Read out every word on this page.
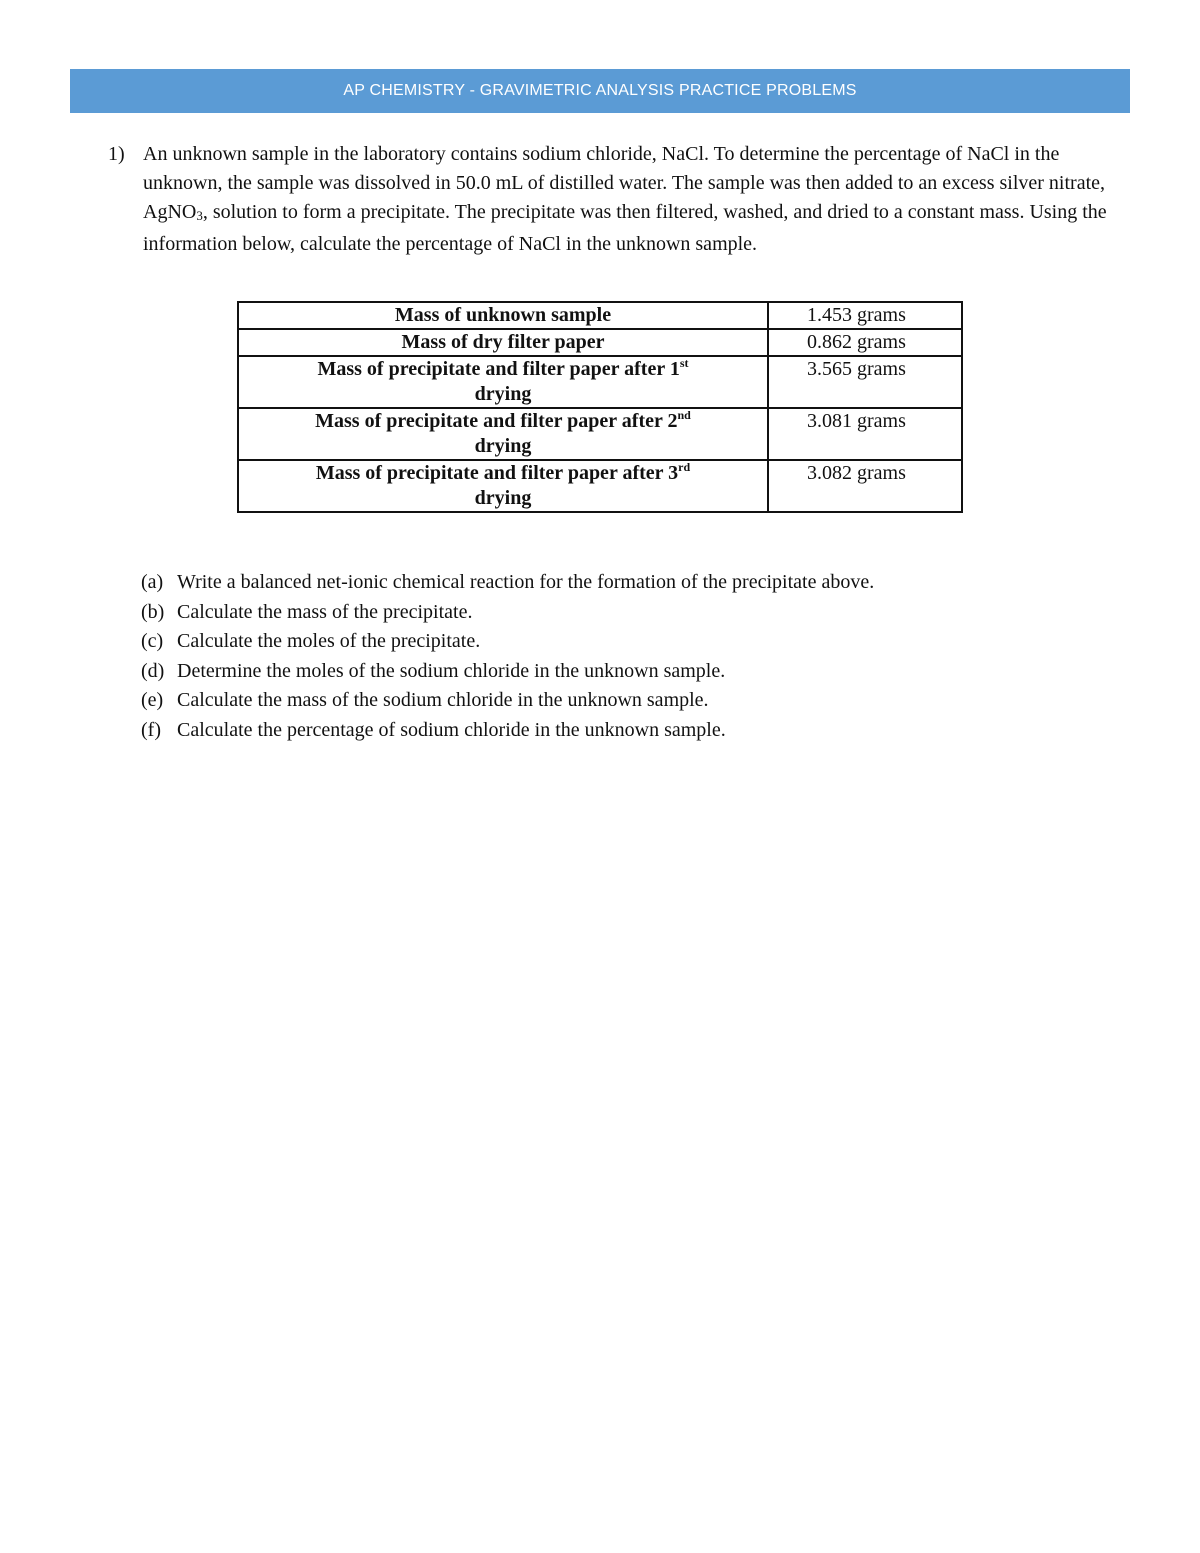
AP CHEMISTRY - GRAVIMETRIC ANALYSIS PRACTICE PROBLEMS
1) An unknown sample in the laboratory contains sodium chloride, NaCl. To determine the percentage of NaCl in the unknown, the sample was dissolved in 50.0 mL of distilled water. The sample was then added to an excess silver nitrate, AgNO$_3$, solution to form a precipitate. The precipitate was then filtered, washed, and dried to a constant mass. Using the information below, calculate the percentage of NaCl in the unknown sample.
Mass of unknown sample	1.453 grams
Mass of dry filter paper	0.862 grams
Mass of precipitate and filter paper after 1st
drying	3.565 grams
Mass of precipitate and filter paper after 2nd
drying	3.081 grams
Mass of precipitate and filter paper after 3rd
drying	3.082 grams
(a) Write a balanced net-ionic chemical reaction for the formation of the precipitate above.
(b) Calculate the mass of the precipitate.
(c) Calculate the moles of the precipitate.
(d) Determine the moles of the sodium chloride in the unknown sample.
(e) Calculate the mass of the sodium chloride in the unknown sample.
(f) Calculate the percentage of sodium chloride in the unknown sample.
